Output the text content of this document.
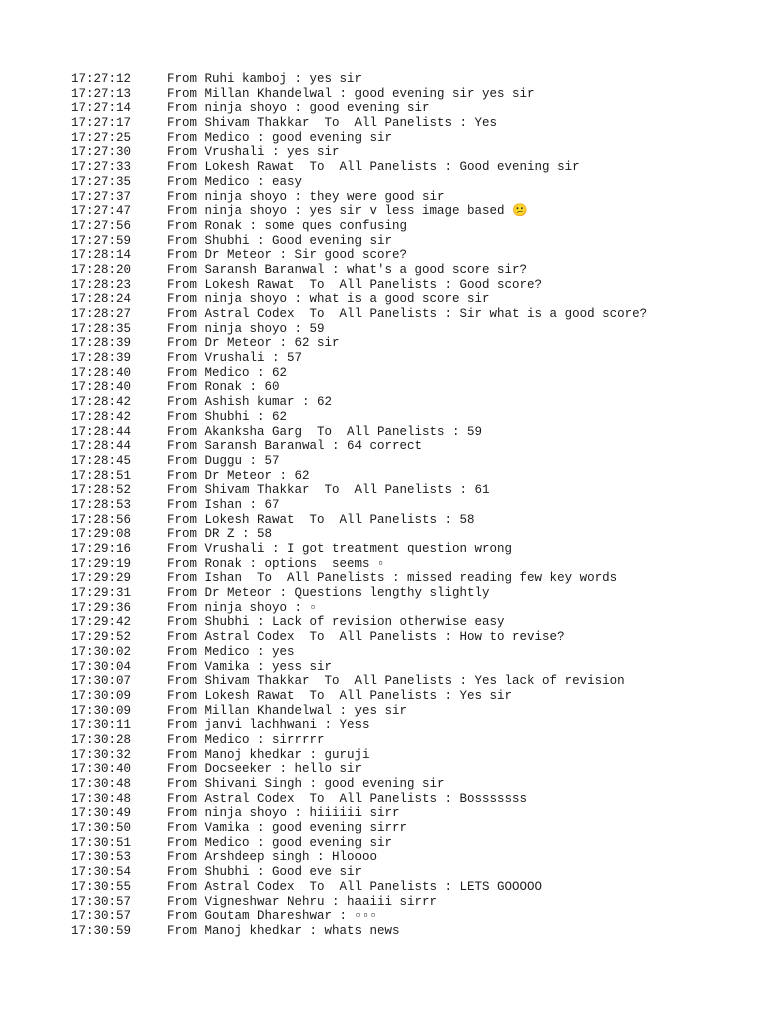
17:27:12	From Ruhi kamboj : yes sir
17:27:13	From Millan Khandelwal : good evening sir yes sir
17:27:14	From ninja shoyo : good evening sir
17:27:17	From Shivam Thakkar  To  All Panelists : Yes
17:27:25	From Medico : good evening sir
17:27:30	From Vrushali : yes sir
17:27:33	From Lokesh Rawat  To  All Panelists : Good evening sir
17:27:35	From Medico : easy
17:27:37	From ninja shoyo : they were good sir
17:27:47	From ninja shoyo : yes sir v less image based 😕
17:27:56	From Ronak : some ques confusing
17:27:59	From Shubhi : Good evening sir
17:28:14	From Dr Meteor : Sir good score?
17:28:20	From Saransh Baranwal : what's a good score sir?
17:28:23	From Lokesh Rawat  To  All Panelists : Good score?
17:28:24	From ninja shoyo : what is a good score sir
17:28:27	From Astral Codex  To  All Panelists : Sir what is a good score?
17:28:35	From ninja shoyo : 59
17:28:39	From Dr Meteor : 62 sir
17:28:39	From Vrushali : 57
17:28:40	From Medico : 62
17:28:40	From Ronak : 60
17:28:42	From Ashish kumar : 62
17:28:42	From Shubhi : 62
17:28:44	From Akanksha Garg  To  All Panelists : 59
17:28:44	From Saransh Baranwal : 64 correct
17:28:45	From Duggu : 57
17:28:51	From Dr Meteor : 62
17:28:52	From Shivam Thakkar  To  All Panelists : 61
17:28:53	From Ishan : 67
17:28:56	From Lokesh Rawat  To  All Panelists : 58
17:29:08	From DR Z : 58
17:29:16	From Vrushali : I got treatment question wrong
17:29:19	From Ronak : options  seems ▫
17:29:29	From Ishan  To  All Panelists : missed reading few key words
17:29:31	From Dr Meteor : Questions lengthy slightly
17:29:36	From ninja shoyo : ▫
17:29:42	From Shubhi : Lack of revision otherwise easy
17:29:52	From Astral Codex  To  All Panelists : How to revise?
17:30:02	From Medico : yes
17:30:04	From Vamika : yess sir
17:30:07	From Shivam Thakkar  To  All Panelists : Yes lack of revision
17:30:09	From Lokesh Rawat  To  All Panelists : Yes sir
17:30:09	From Millan Khandelwal : yes sir
17:30:11	From janvi lachhwani : Yess
17:30:28	From Medico : sirrrrr
17:30:32	From Manoj khedkar : guruji
17:30:40	From Docseeker : hello sir
17:30:48	From Shivani Singh : good evening sir
17:30:48	From Astral Codex  To  All Panelists : Bosssssss
17:30:49	From ninja shoyo : hiiiiii sirr
17:30:50	From Vamika : good evening sirrr
17:30:51	From Medico : good evening sir
17:30:53	From Arshdeep singh : Hloooo
17:30:54	From Shubhi : Good eve sir
17:30:55	From Astral Codex  To  All Panelists : LETS GOOOOO
17:30:57	From Vigneshwar Nehru : haaiii sirrr
17:30:57	From Goutam Dhareshwar : ▫▫▫
17:30:59	From Manoj khedkar : whats news
